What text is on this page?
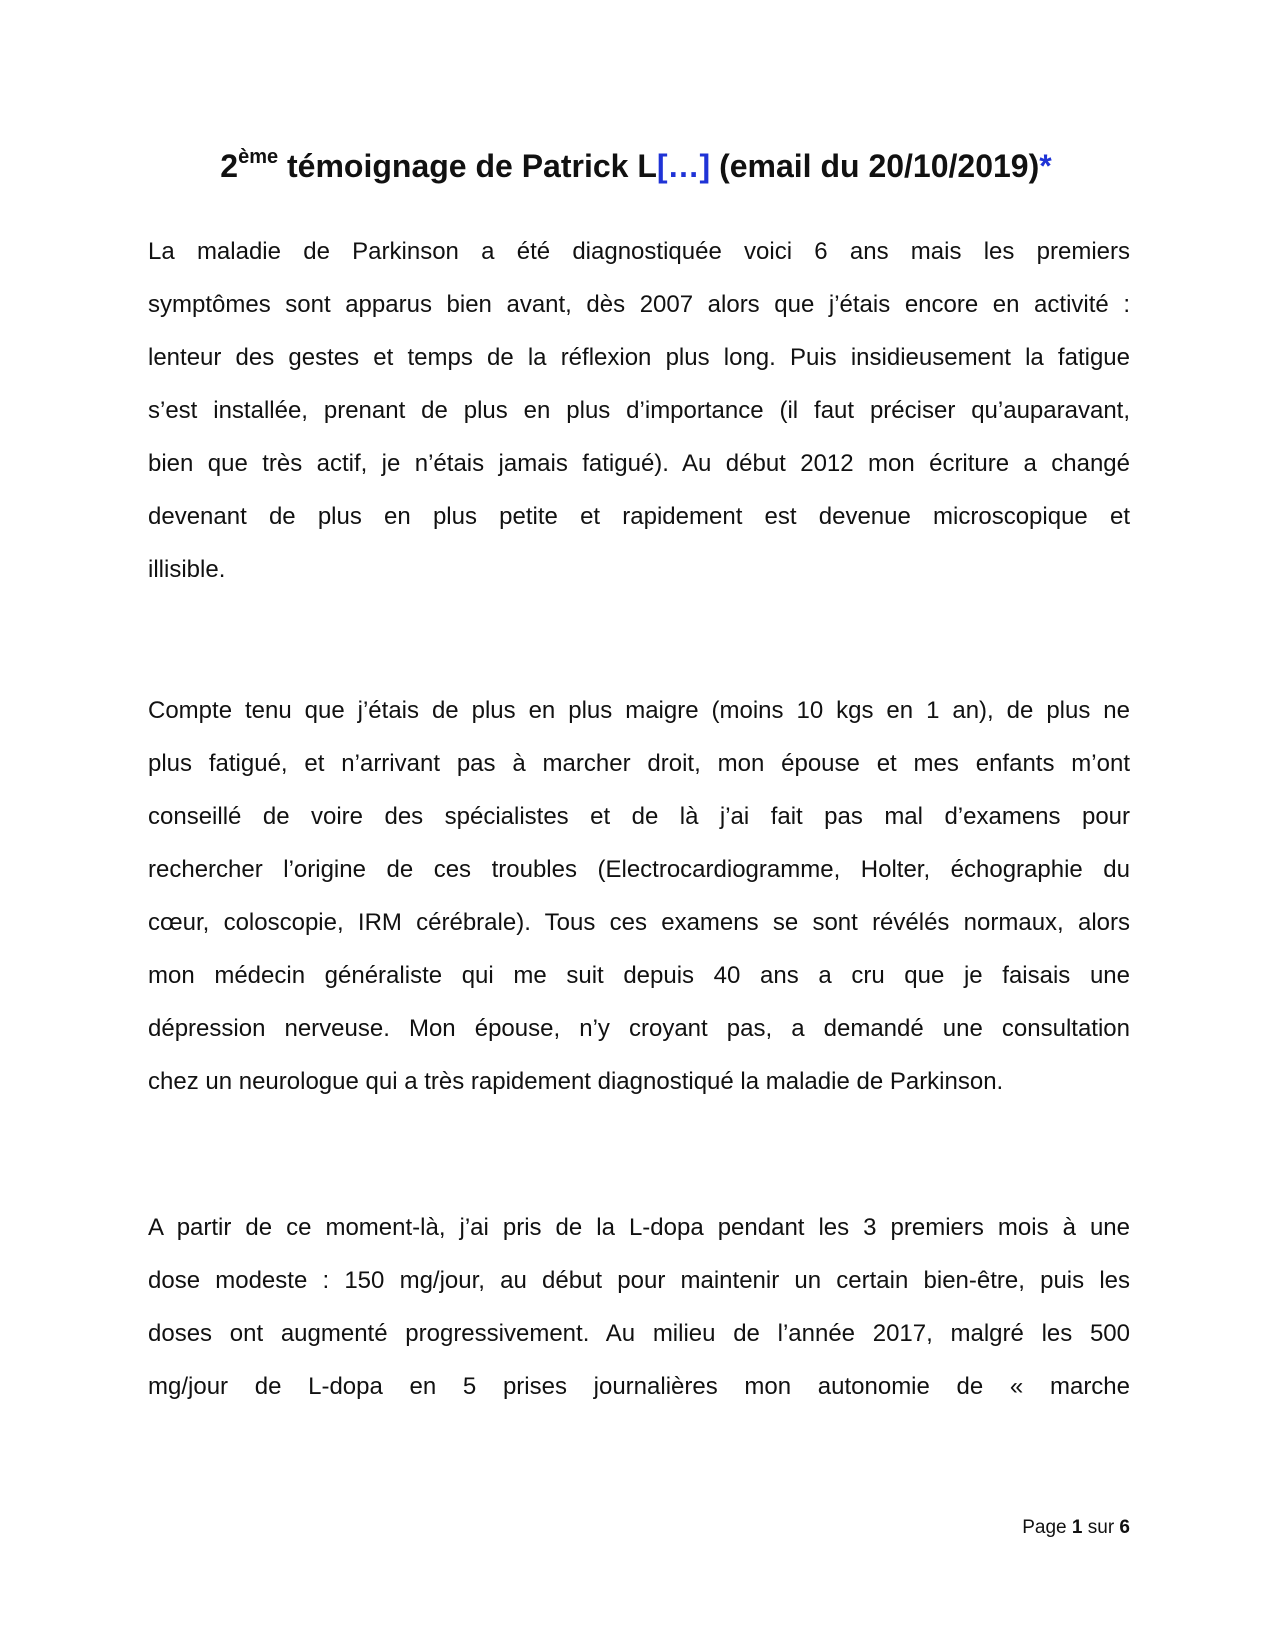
2ème témoignage de Patrick L[…] (email du 20/10/2019)*

La maladie de Parkinson a été diagnostiquée voici 6 ans mais les premiers
symptômes sont apparus bien avant, dès 2007 alors que j’étais encore en activité :
lenteur des gestes et temps de la réflexion plus long. Puis insidieusement la fatigue
s’est installée, prenant de plus en plus d’importance (il faut préciser qu’auparavant,
bien que très actif, je n’étais jamais fatigué). Au début 2012 mon écriture a changé
devenant de plus en plus petite et rapidement est devenue microscopique et
illisible.

Compte tenu que j’étais de plus en plus maigre (moins 10 kgs en 1 an), de plus ne
plus fatigué, et n’arrivant pas à marcher droit, mon épouse et mes enfants m’ont
conseillé de voire des spécialistes et de là j’ai fait pas mal d’examens pour
rechercher l’origine de ces troubles (Electrocardiogramme, Holter, échographie du
cœur, coloscopie, IRM cérébrale). Tous ces examens se sont révélés normaux, alors
mon médecin généraliste qui me suit depuis 40 ans a cru que je faisais une
dépression nerveuse. Mon épouse, n’y croyant pas, a demandé une consultation
chez un neurologue qui a très rapidement diagnostiqué la maladie de Parkinson.

A partir de ce moment-là, j’ai pris de la L-dopa pendant les 3 premiers mois à une
dose modeste : 150 mg/jour, au début pour maintenir un certain bien-être, puis les
doses ont augmenté progressivement. Au milieu de l’année 2017, malgré les 500
mg/jour de L-dopa en 5 prises journalières mon autonomie de « marche

Page 1 sur 6
